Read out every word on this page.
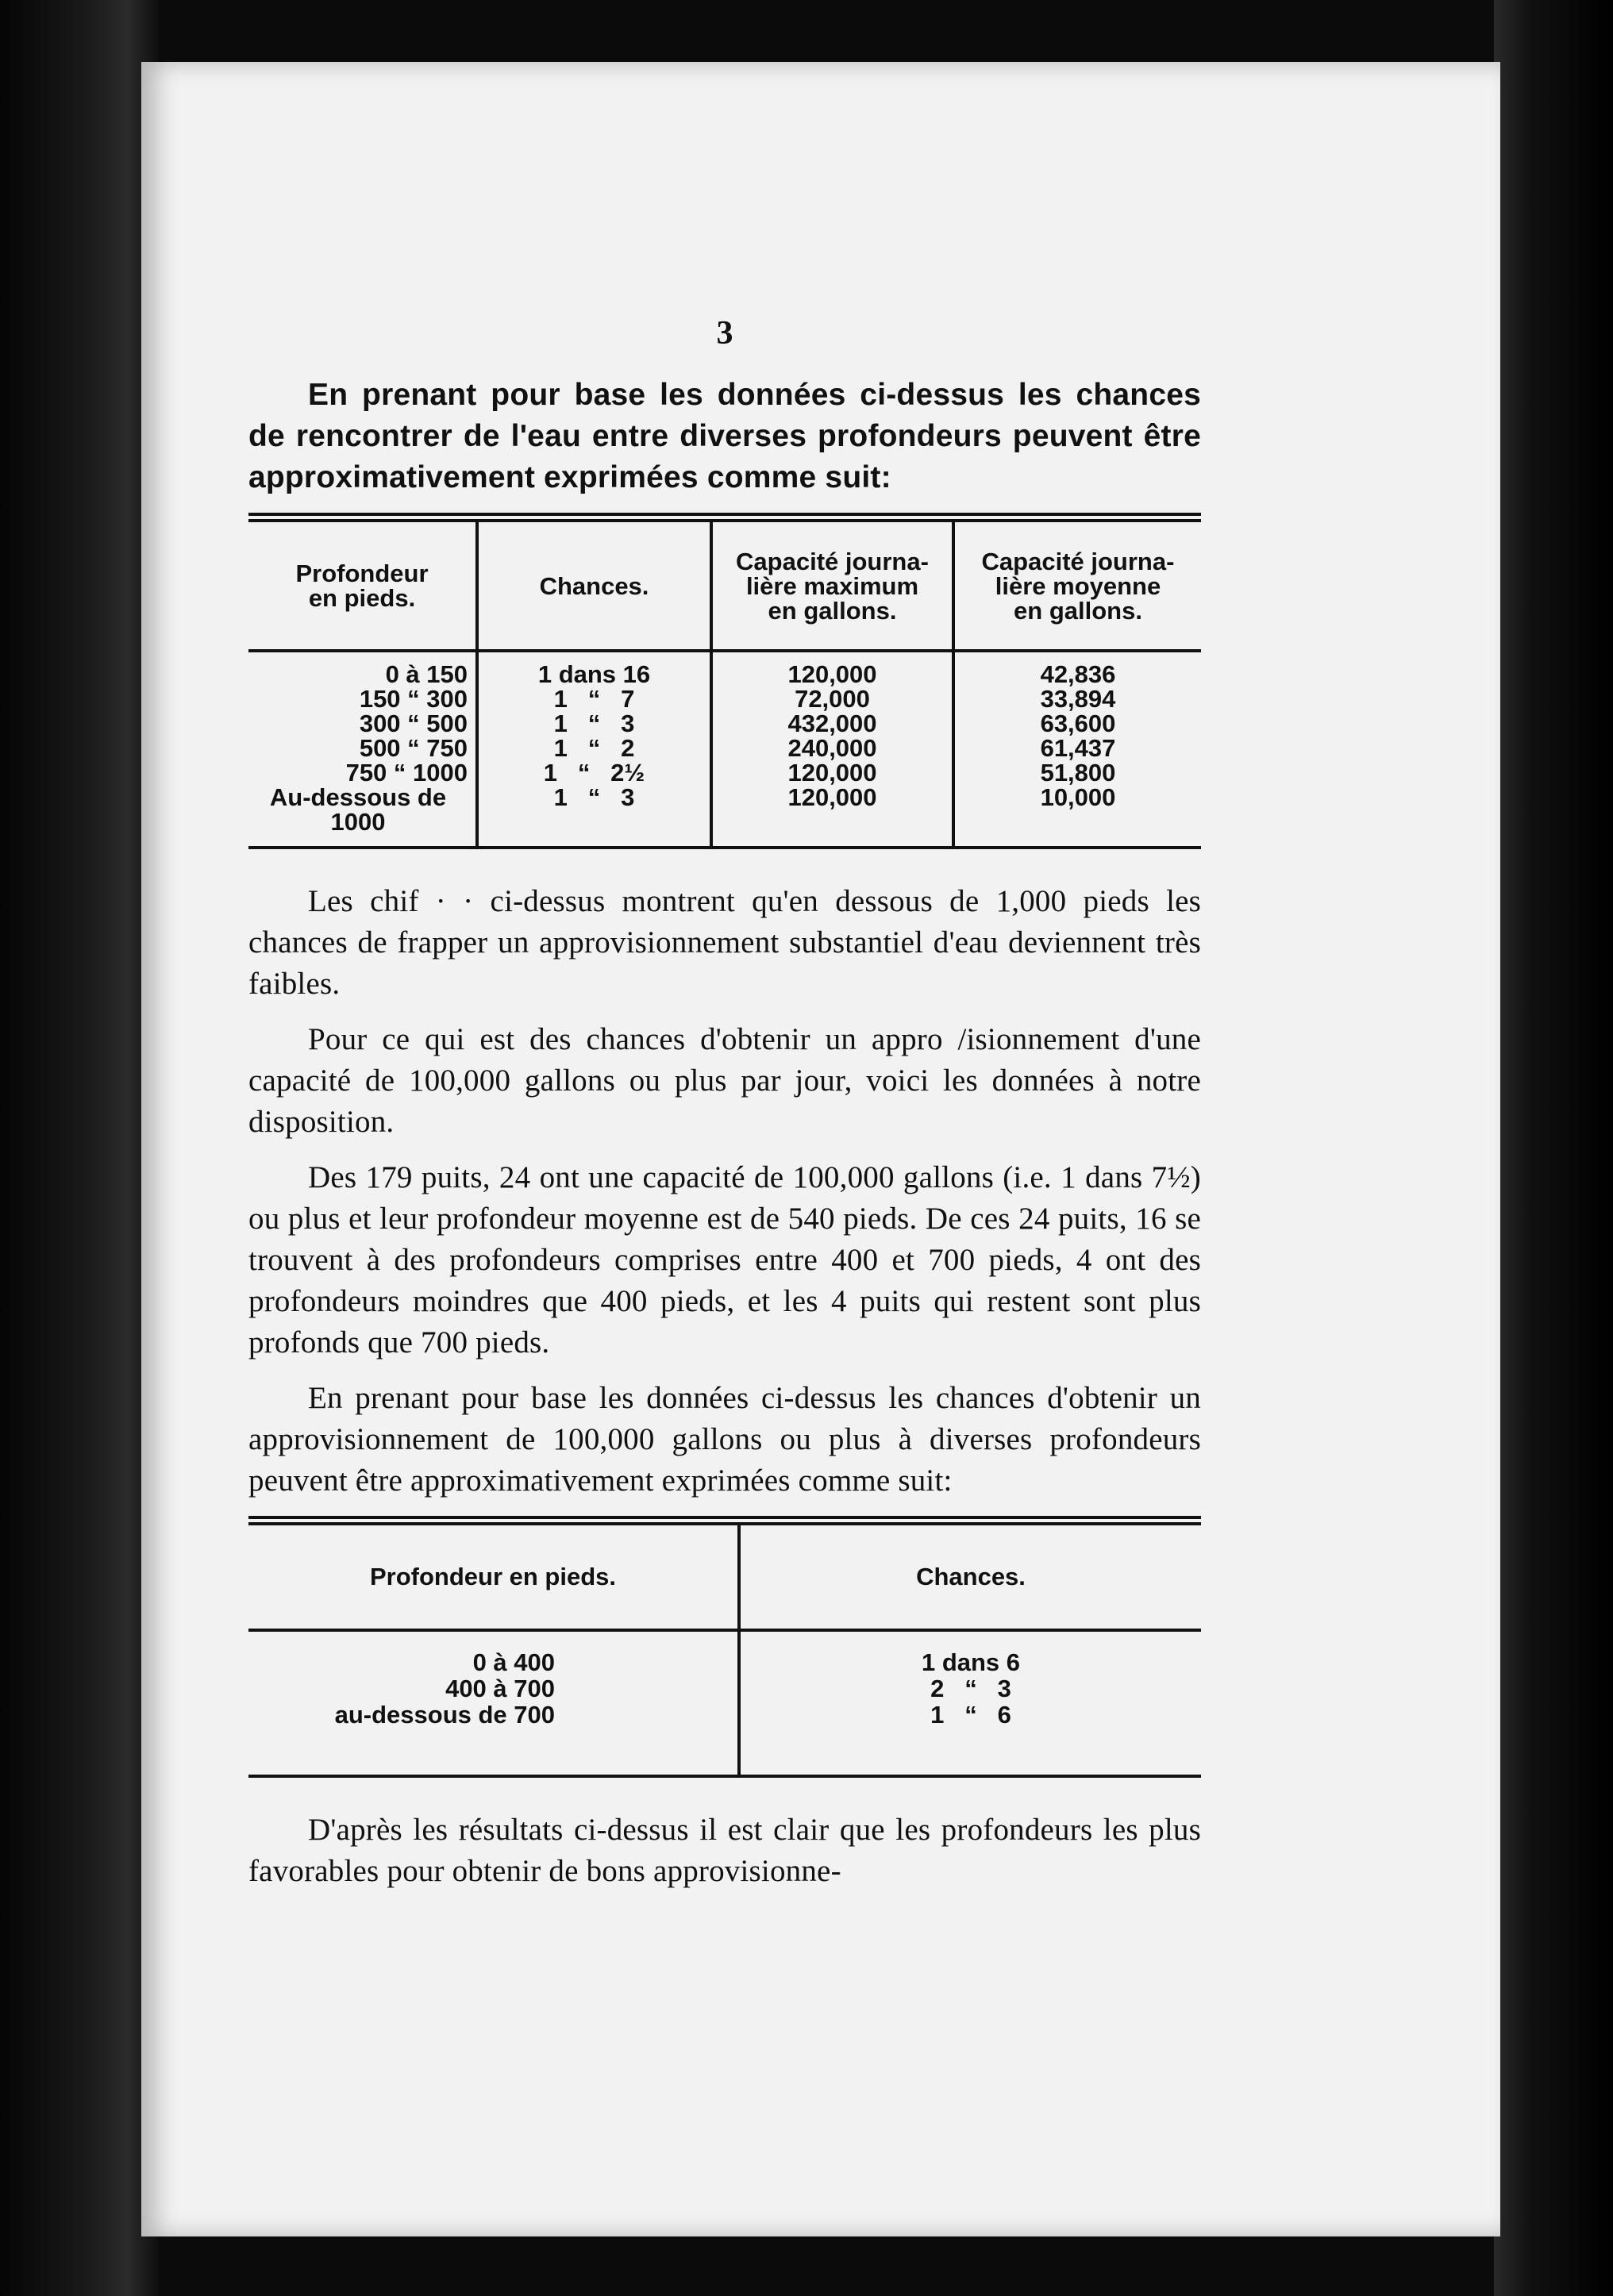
3

En prenant pour base les données ci-dessus les chances de rencontrer de l'eau entre diverses profondeurs peuvent être approximativement exprimées comme suit:

Profondeur
en pieds.	Chances.
Capacité journa-
lière maximum
en gallons.
Capacité journa-
lière moyenne
en gallons.
0 à 150
150 “ 300
300 “ 500
500 “ 750
750 “ 1000
Au-dessous de 1000
1 dans 16
1   “   7
1   “   3
1   “   2
1   “   2½
1   “   3
120,000
72,000
432,000
240,000
120,000
120,000
42,836
33,894
63,600
61,437
51,800
10,000

Les chif · · ci-dessus montrent qu'en dessous de 1,000 pieds les chances de frapper un approvisionnement substantiel d'eau deviennent très faibles.

Pour ce qui est des chances d'obtenir un appro /isionnement d'une capacité de 100,000 gallons ou plus par jour, voici les données à notre disposition.

Des 179 puits, 24 ont une capacité de 100,000 gallons (i.e. 1 dans 7½) ou plus et leur profondeur moyenne est de 540 pieds. De ces 24 puits, 16 se trouvent à des profondeurs comprises entre 400 et 700 pieds, 4 ont des profondeurs moindres que 400 pieds, et les 4 puits qui restent sont plus profonds que 700 pieds.

En prenant pour base les données ci-dessus les chances d'obtenir un approvisionnement de 100,000 gallons ou plus à diverses profondeurs peuvent être approximativement exprimées comme suit:

Profondeur en pieds.	Chances.
0 à 400
400 à 700
au-dessous de 700
1 dans 6
2   “   3
1   “   6

D'après les résultats ci-dessus il est clair que les profondeurs les plus favorables pour obtenir de bons approvisionne-
